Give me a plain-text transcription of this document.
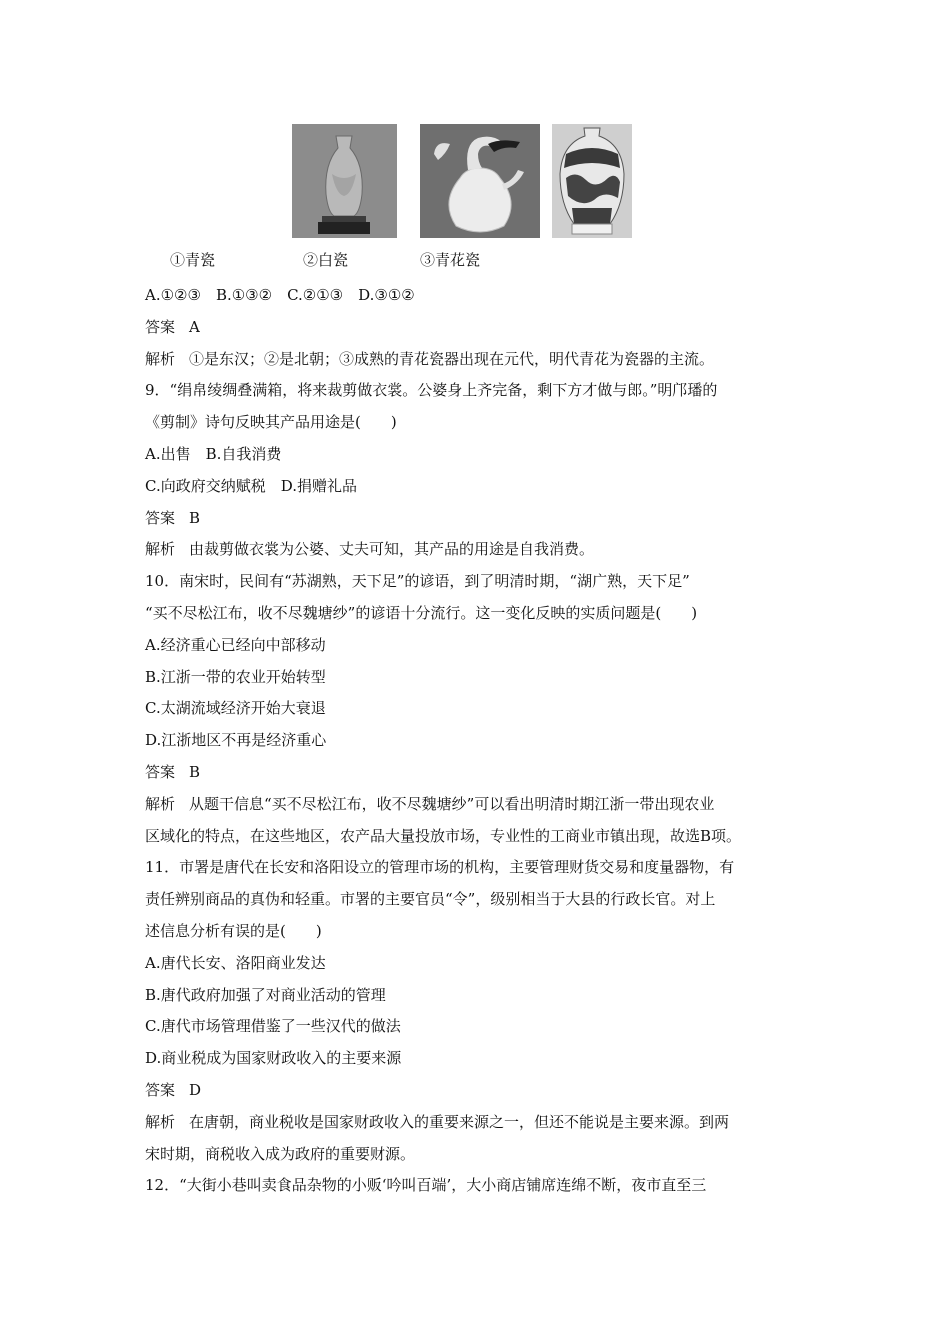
①青瓷	②白瓷	③青花瓷
A.①②③　B.①③②　C.②①③　D.③①②
答案 A
解析 ①是东汉；②是北朝；③成熟的青花瓷器出现在元代，明代青花为瓷器的主流。
9．“绢帛绫绸叠满箱，将来裁剪做衣裳。公婆身上齐完备，剩下方才做与郎。”明邝璠的
《剪制》诗句反映其产品用途是(　　)
A.出售　B.自我消费
C.向政府交纳赋税　D.捐赠礼品
答案 B
解析 由裁剪做衣裳为公婆、丈夫可知，其产品的用途是自我消费。
10．南宋时，民间有“苏湖熟，天下足”的谚语，到了明清时期，“湖广熟，天下足”
“买不尽松江布，收不尽魏塘纱”的谚语十分流行。这一变化反映的实质问题是(　　)
A.经济重心已经向中部移动
B.江浙一带的农业开始转型
C.太湖流域经济开始大衰退
D.江浙地区不再是经济重心
答案 B
解析 从题干信息“买不尽松江布，收不尽魏塘纱”可以看出明清时期江浙一带出现农业
区域化的特点，在这些地区，农产品大量投放市场，专业性的工商业市镇出现，故选B项。
11．市署是唐代在长安和洛阳设立的管理市场的机构，主要管理财货交易和度量器物，有
责任辨别商品的真伪和轻重。市署的主要官员“令”，级别相当于大县的行政长官。对上
述信息分析有误的是(　　)
A.唐代长安、洛阳商业发达
B.唐代政府加强了对商业活动的管理
C.唐代市场管理借鉴了一些汉代的做法
D.商业税成为国家财政收入的主要来源
答案 D
解析 在唐朝，商业税收是国家财政收入的重要来源之一，但还不能说是主要来源。到两
宋时期，商税收入成为政府的重要财源。
12．“大街小巷叫卖食品杂物的小贩‘吟叫百端’，大小商店铺席连绵不断，夜市直至三
